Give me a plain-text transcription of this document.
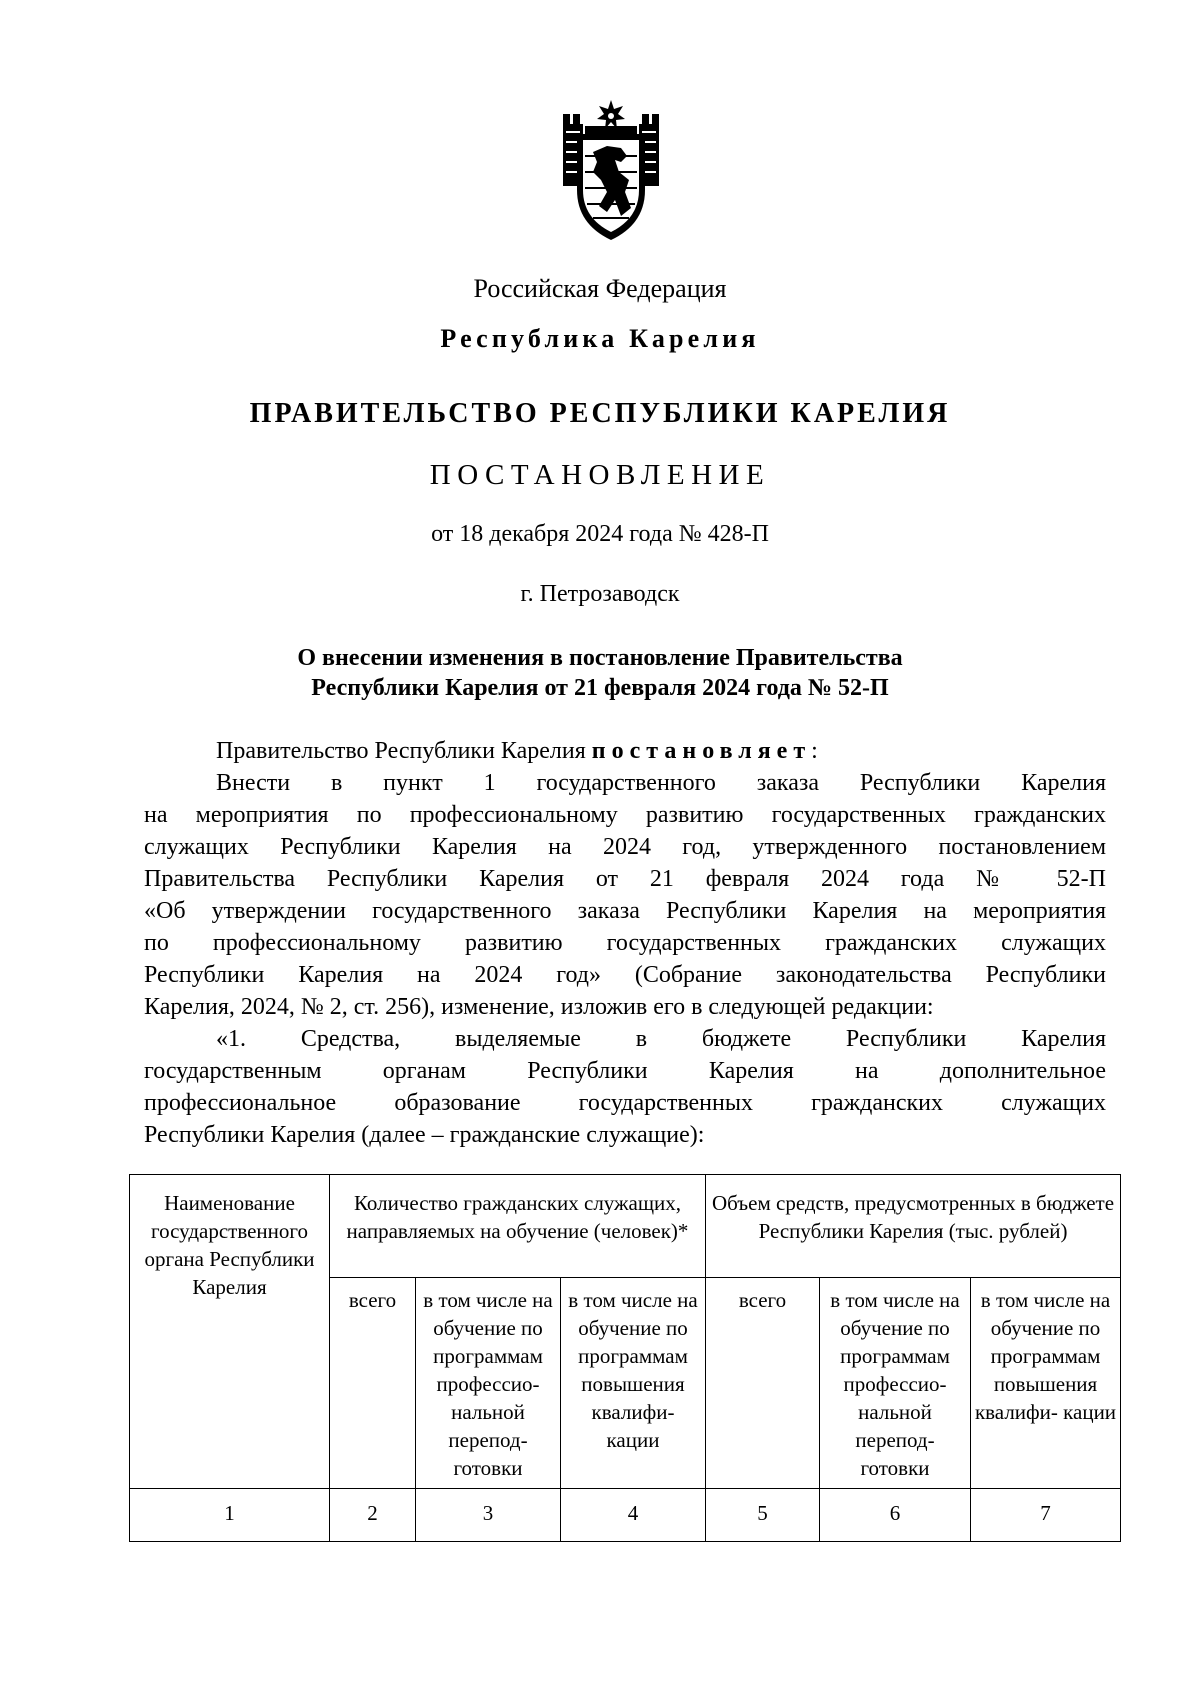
Российская Федерация
Республика Карелия
ПРАВИТЕЛЬСТВО РЕСПУБЛИКИ КАРЕЛИЯ
ПОСТАНОВЛЕНИЕ
от 18 декабря 2024 года № 428-П
г. Петрозаводск
О внесении изменения в постановление Правительства
Республики Карелия от 21 февраля 2024 года № 52-П

Правительство Республики Карелия постановляет:

Внести в пункт 1 государственного заказа Республики Карелия

на мероприятия по профессиональному развитию государственных гражданских

служащих Республики Карелия на 2024 год, утвержденного постановлением

Правительства Республики Карелия от 21 февраля 2024 года № 52-П

«Об утверждении государственного заказа Республики Карелия на мероприятия

по профессиональному развитию государственных гражданских служащих

Республики Карелия на 2024 год» (Собрание законодательства Республики

Карелия, 2024, № 2, ст. 256), изменение, изложив его в следующей редакции:

«1. Средства, выделяемые в бюджете Республики Карелия

государственным органам Республики Карелия на дополнительное

профессиональное образование государственных гражданских служащих

Республики Карелия (далее – гражданские служащие):

Наименование государственного органа Республики Карелия	Количество гражданских служащих, направляемых на обучение (человек)*			Объем средств, предусмотренных в бюджете Республики Карелия (тыс. рублей)		
	всего	в том числе на обучение по программам профессио- нальной перепод- готовки	в том числе на обучение по программам повышения квалифи- кации	всего	в том числе на обучение по программам профессио- нальной перепод- готовки	в том числе на обучение по программам повышения квалифи- кации
1	2	3	4	5	6	7
